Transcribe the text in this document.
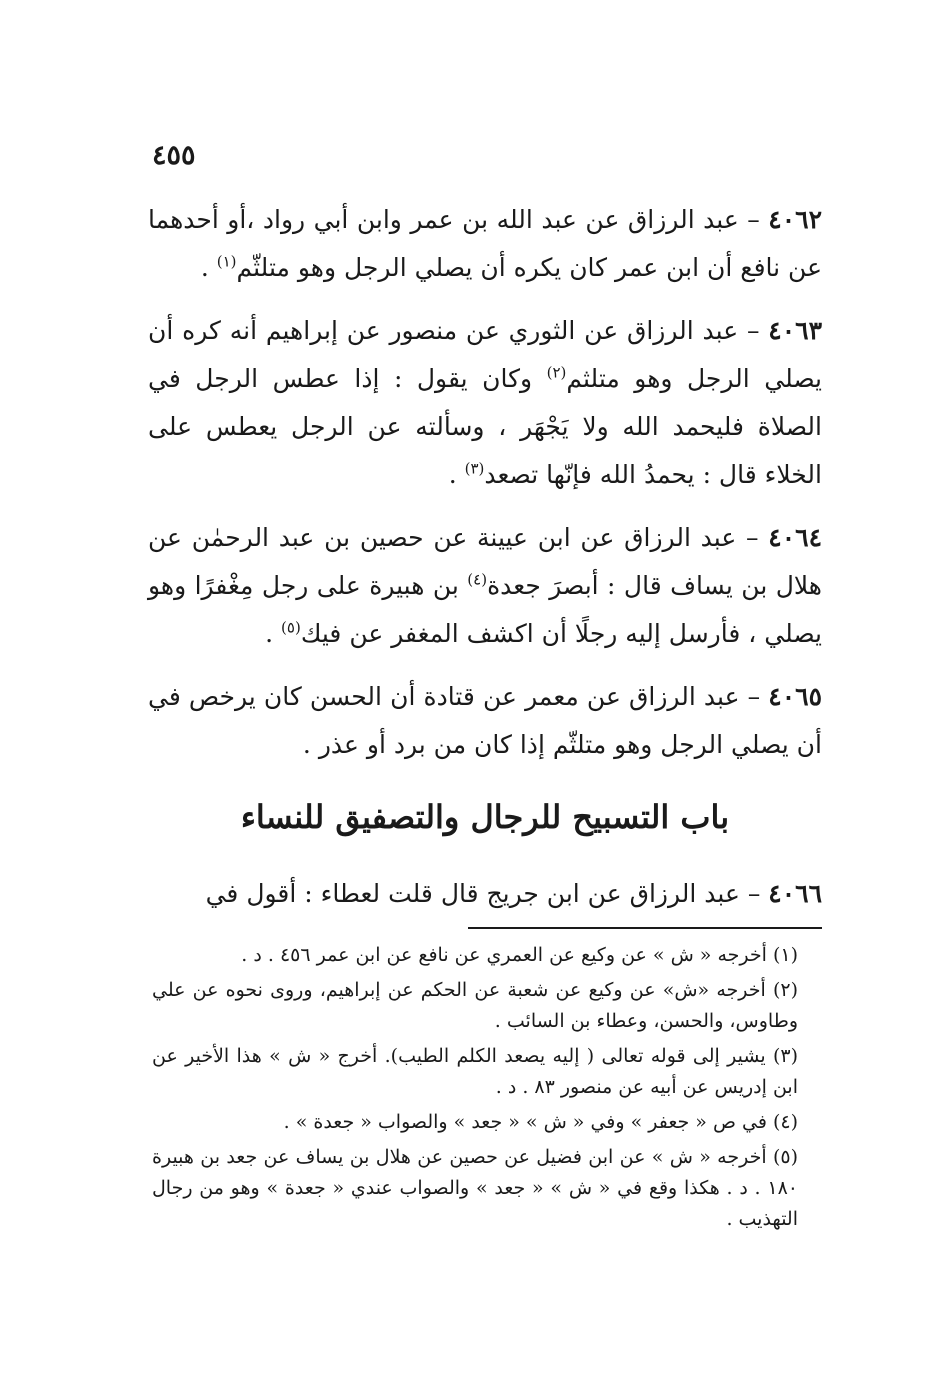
٤٥٥

٤٠٦٢ – عبد الرزاق عن عبد الله بن عمر وابن أبي رواد ،أو أحدهما عن نافع أن ابن عمر كان يكره أن يصلي الرجل وهو متلثّم$^{(١)}$ .

٤٠٦٣ – عبد الرزاق عن الثوري عن منصور عن إبراهيم أنه كره أن يصلي الرجل وهو متلثم$^{(٢)}$ وكان يقول : إذا عطس الرجل في الصلاة فليحمد الله ولا يَجْهَر ، وسألته عن الرجل يعطس على الخلاء قال : يحمدُ الله فإنّها تصعد$^{(٣)}$ .

٤٠٦٤ – عبد الرزاق عن ابن عيينة عن حصين بن عبد الرحمٰن عن هلال بن يساف قال : أبصرَ جعدة$^{(٤)}$ بن هبيرة على رجل مِغْفرًا وهو يصلي ، فأرسل إليه رجلًا أن اكشف المغفر عن فيك$^{(٥)}$ .

٤٠٦٥ – عبد الرزاق عن معمر عن قتادة أن الحسن كان يرخص في أن يصلي الرجل وهو متلثّم إذا كان من برد أو عذر .

باب التسبيح للرجال والتصفيق للنساء

٤٠٦٦ – عبد الرزاق عن ابن جريج قال قلت لعطاء : أقول في

(١) أخرجه « ش » عن وكيع عن العمري عن نافع عن ابن عمر ٤٥٦ . د .

(٢) أخرجه «ش» عن وكيع عن شعبة عن الحكم عن إبراهيم، وروى نحوه عن علي وطاوس، والحسن، وعطاء بن السائب .

(٣) يشير إلى قوله تعالى ( إليه يصعد الكلم الطيب). أخرج « ش » هذا الأخير عن ابن إدريس عن أبيه عن منصور ٨٣ . د .

(٤) في ص « جعفر » وفي « ش » « جعد » والصواب « جعدة » .

(٥) أخرجه « ش » عن ابن فضيل عن حصين عن هلال بن يساف عن جعد بن هبيرة ١٨٠ . د . هكذا وقع في « ش » « جعد » والصواب عندي « جعدة » وهو من رجال التهذيب .
